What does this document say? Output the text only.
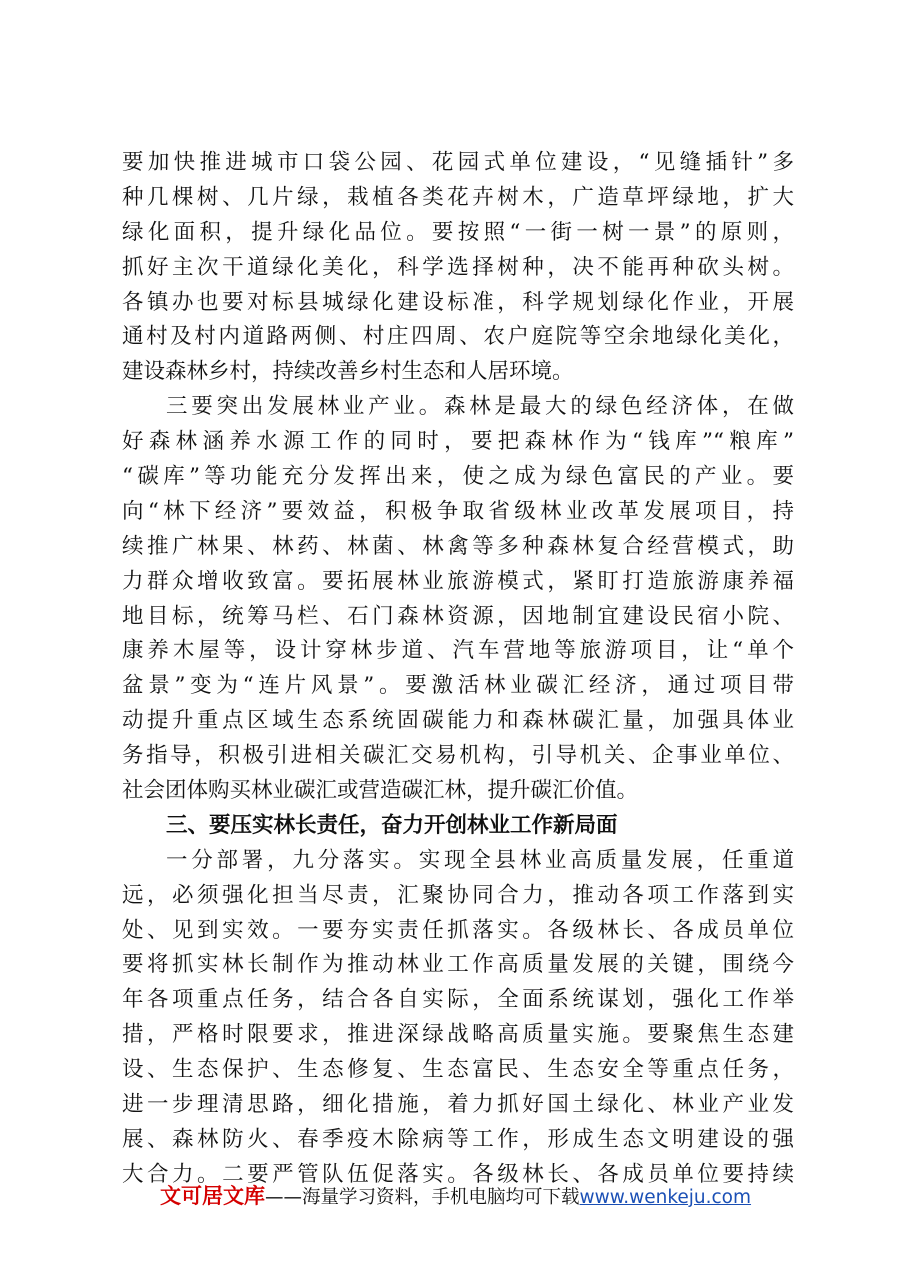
要加快推进城市口袋公园、花园式单位建设，“见缝插针”多
种几棵树、几片绿，栽植各类花卉树木，广造草坪绿地，扩大
绿化面积，提升绿化品位。要按照“一街一树一景”的原则，
抓好主次干道绿化美化，科学选择树种，决不能再种砍头树。
各镇办也要对标县城绿化建设标准，科学规划绿化作业，开展
通村及村内道路两侧、村庄四周、农户庭院等空余地绿化美化，
建设森林乡村，持续改善乡村生态和人居环境。
三要突出发展林业产业。森林是最大的绿色经济体，在做
好森林涵养水源工作的同时，要把森林作为“钱库”“粮库”
“碳库”等功能充分发挥出来，使之成为绿色富民的产业。要
向“林下经济”要效益，积极争取省级林业改革发展项目，持
续推广林果、林药、林菌、林禽等多种森林复合经营模式，助
力群众增收致富。要拓展林业旅游模式，紧盯打造旅游康养福
地目标，统筹马栏、石门森林资源，因地制宜建设民宿小院、
康养木屋等，设计穿林步道、汽车营地等旅游项目，让“单个
盆景”变为“连片风景”。要激活林业碳汇经济，通过项目带
动提升重点区域生态系统固碳能力和森林碳汇量，加强具体业
务指导，积极引进相关碳汇交易机构，引导机关、企事业单位、
社会团体购买林业碳汇或营造碳汇林，提升碳汇价值。
三、要压实林长责任，奋力开创林业工作新局面
一分部署，九分落实。实现全县林业高质量发展，任重道
远，必须强化担当尽责，汇聚协同合力，推动各项工作落到实
处、见到实效。一要夯实责任抓落实。各级林长、各成员单位
要将抓实林长制作为推动林业工作高质量发展的关键，围绕今
年各项重点任务，结合各自实际，全面系统谋划，强化工作举
措，严格时限要求，推进深绿战略高质量实施。要聚焦生态建
设、生态保护、生态修复、生态富民、生态安全等重点任务，
进一步理清思路，细化措施，着力抓好国土绿化、林业产业发
展、森林防火、春季疫木除病等工作，形成生态文明建设的强
大合力。二要严管队伍促落实。各级林长、各成员单位要持续
文可居文库——海量学习资料，手机电脑均可下载www.wenkeju.com
